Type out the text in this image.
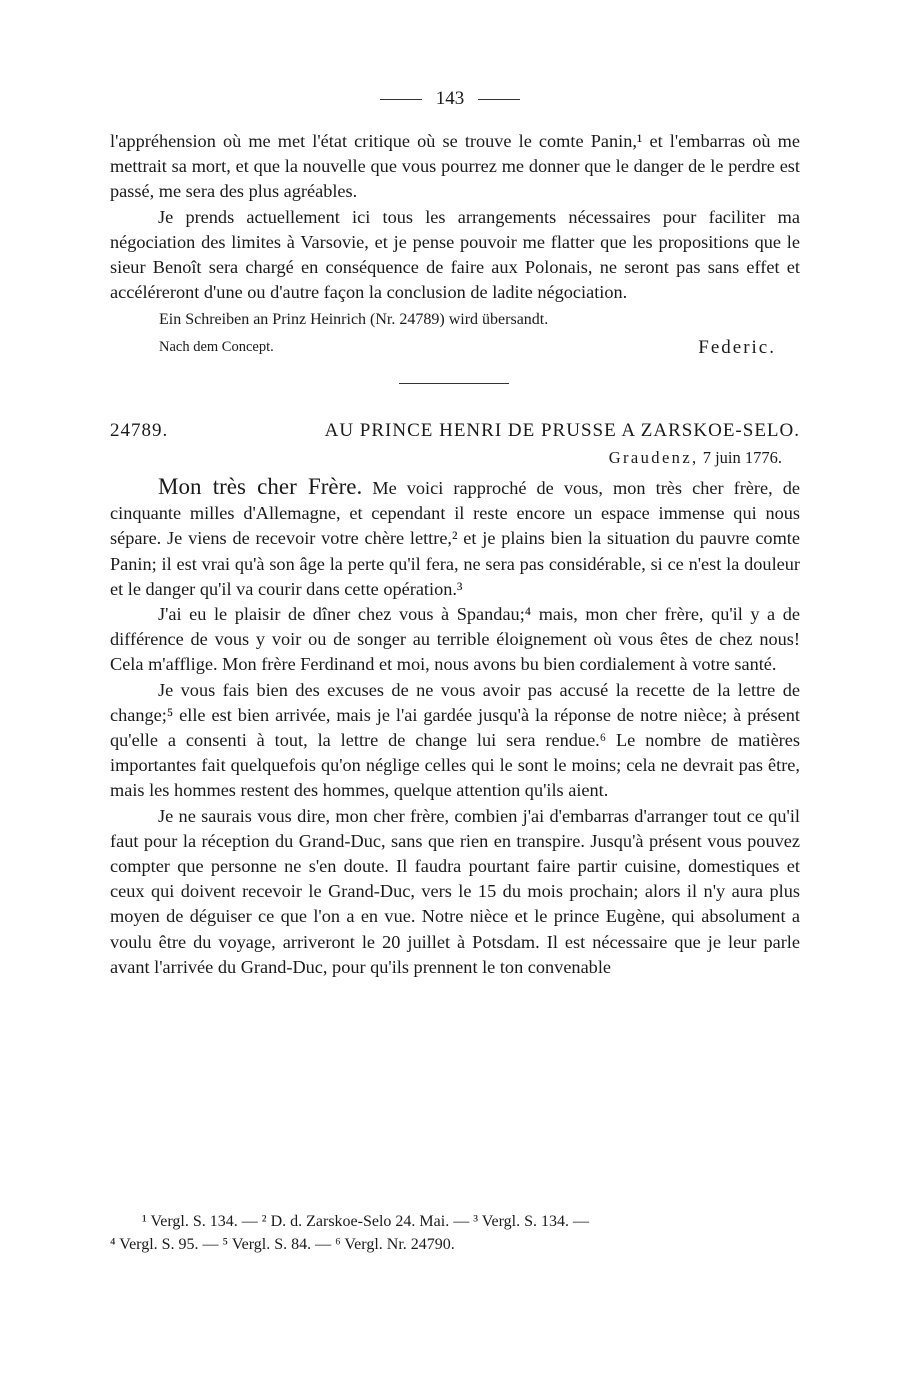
143

l'appréhension où me met l'état critique où se trouve le comte Panin,¹ et l'embarras où me mettrait sa mort, et que la nouvelle que vous pourrez me donner que le danger de le perdre est passé, me sera des plus agréables.

Je prends actuellement ici tous les arrangements nécessaires pour faciliter ma négociation des limites à Varsovie, et je pense pouvoir me flatter que les propositions que le sieur Benoît sera chargé en conséquence de faire aux Polonais, ne seront pas sans effet et accéléreront d'une ou d'autre façon la conclusion de ladite négociation.

Ein Schreiben an Prinz Heinrich (Nr. 24789) wird übersandt.
Nach dem Concept.	Federic.
24789.	AU PRINCE HENRI DE PRUSSE A ZARSKOE-SELO.
Graudenz, 7 juin 1776.

Mon très cher Frère. Me voici rapproché de vous, mon très cher frère, de cinquante milles d'Allemagne, et cependant il reste encore un espace immense qui nous sépare. Je viens de recevoir votre chère lettre,² et je plains bien la situation du pauvre comte Panin; il est vrai qu'à son âge la perte qu'il fera, ne sera pas considérable, si ce n'est la douleur et le danger qu'il va courir dans cette opération.³

J'ai eu le plaisir de dîner chez vous à Spandau;⁴ mais, mon cher frère, qu'il y a de différence de vous y voir ou de songer au terrible éloignement où vous êtes de chez nous! Cela m'afflige. Mon frère Ferdinand et moi, nous avons bu bien cordialement à votre santé.

Je vous fais bien des excuses de ne vous avoir pas accusé la recette de la lettre de change;⁵ elle est bien arrivée, mais je l'ai gardée jusqu'à la réponse de notre nièce; à présent qu'elle a consenti à tout, la lettre de change lui sera rendue.⁶ Le nombre de matières importantes fait quelquefois qu'on néglige celles qui le sont le moins; cela ne devrait pas être, mais les hommes restent des hommes, quelque attention qu'ils aient.

Je ne saurais vous dire, mon cher frère, combien j'ai d'embarras d'arranger tout ce qu'il faut pour la réception du Grand-Duc, sans que rien en transpire. Jusqu'à présent vous pouvez compter que personne ne s'en doute. Il faudra pourtant faire partir cuisine, domestiques et ceux qui doivent recevoir le Grand-Duc, vers le 15 du mois prochain; alors il n'y aura plus moyen de déguiser ce que l'on a en vue. Notre nièce et le prince Eugène, qui absolument a voulu être du voyage, arriveront le 20 juillet à Potsdam. Il est nécessaire que je leur parle avant l'arrivée du Grand-Duc, pour qu'ils prennent le ton convenable

¹ Vergl. S. 134. — ² D. d. Zarskoe-Selo 24. Mai. — ³ Vergl. S. 134. —
⁴ Vergl. S. 95. — ⁵ Vergl. S. 84. — ⁶ Vergl. Nr. 24790.
